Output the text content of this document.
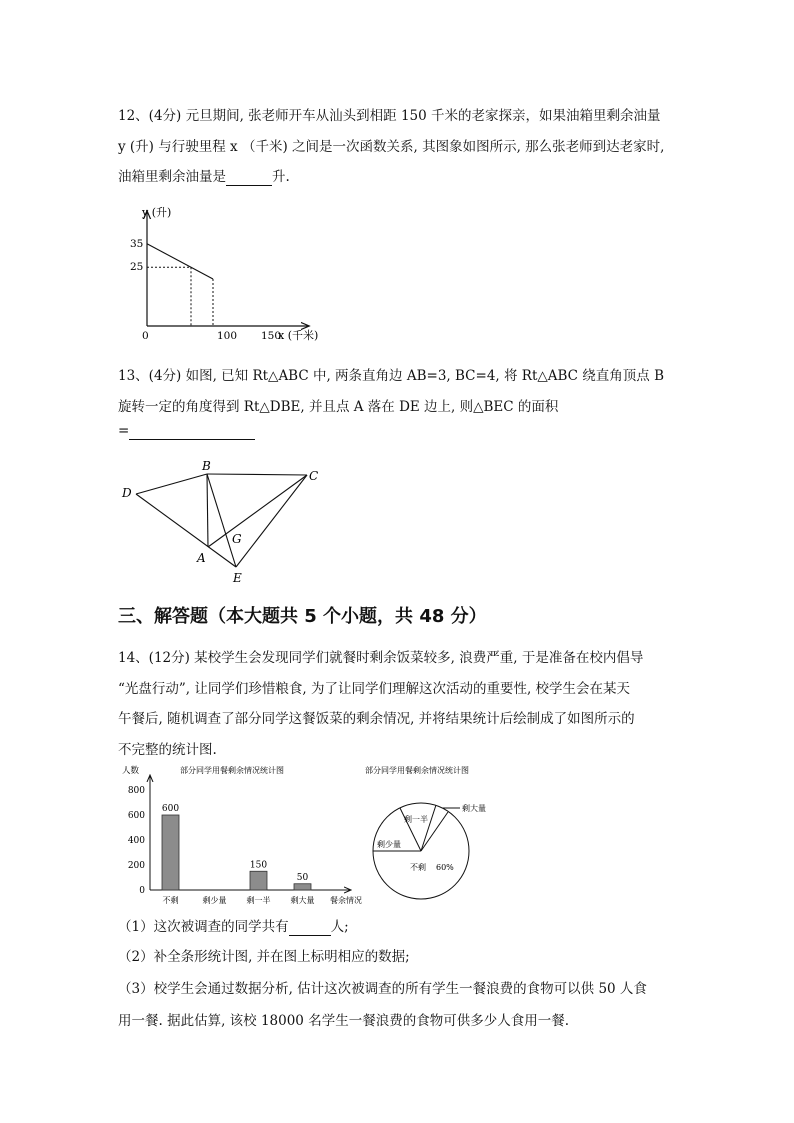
12、(4分) 元旦期间, 张老师开车从汕头到相距 150 千米的老家探亲，如果油箱里剩余油量
y (升) 与行驶里程 x （千米) 之间是一次函数关系, 其图象如图所示, 那么张老师到达老家时,
油箱里剩余油量是	升.
y (升)
x (千米)
0
35
25
100 150
13、(4分) 如图, 已知 Rt△ABC 中, 两条直角边 AB=3, BC=4, 将 Rt△ABC 绕直角顶点 B
旋转一定的角度得到 Rt△DBE, 并且点 A 落在 DE 边上, 则△BEC 的面积
=
B
C
D
A
G
E
三、解答题（本大题共 5 个小题，共 48 分）
14、(12分) 某校学生会发现同学们就餐时剩余饭菜较多, 浪费严重, 于是准备在校内倡导
“光盘行动”, 让同学们珍惜粮食, 为了让同学们理解这次活动的重要性, 校学生会在某天
午餐后, 随机调查了部分同学这餐饭菜的剩余情况, 并将结果统计后绘制成了如图所示的
不完整的统计图.
部分同学用餐剩余情况统计图
人数
餐余情况
800
600
400
200
0
不剩	剩少量	剩一半	剩大量
600
150
50
部分同学用餐剩余情况统计图
剩大量
剩一半
剩少量
不剩 60%
（1）这次被调查的同学共有	人;
（2）补全条形统计图, 并在图上标明相应的数据;
（3）校学生会通过数据分析, 估计这次被调查的所有学生一餐浪费的食物可以供 50 人食
用一餐. 据此估算, 该校 18000 名学生一餐浪费的食物可供多少人食用一餐.
